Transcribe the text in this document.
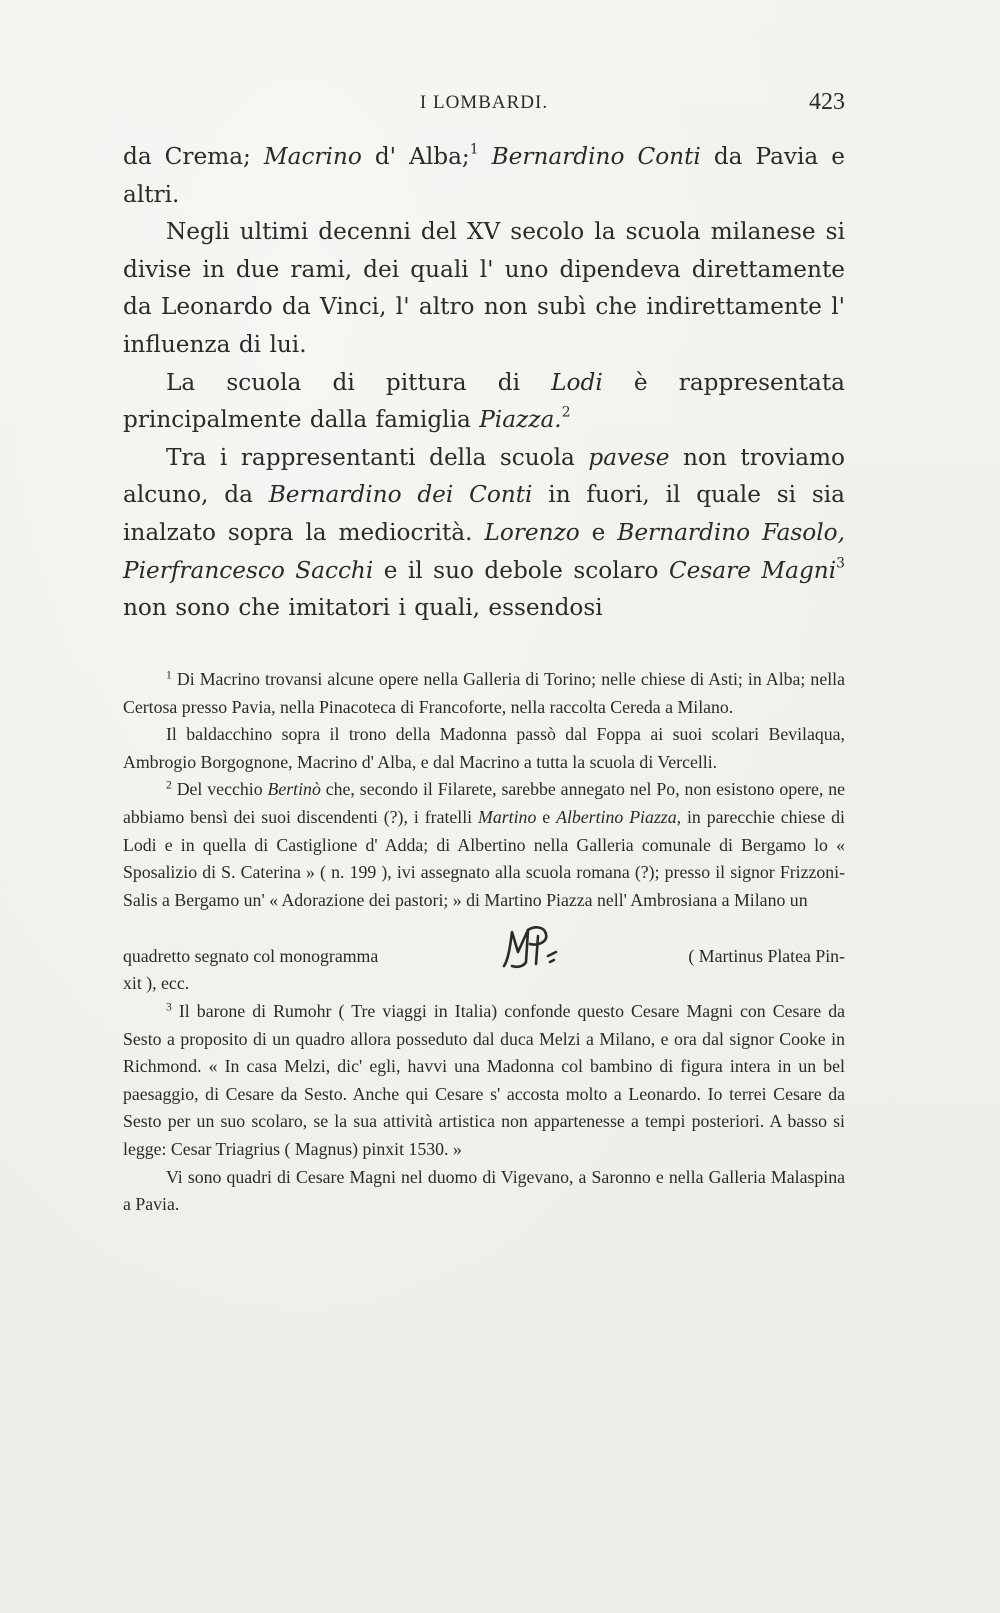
I LOMBARDI.	423

da Crema; Macrino d' Alba;$^1$ Bernardino Conti da Pavia e altri.

Negli ultimi decenni del XV secolo la scuola milanese si divise in due rami, dei quali l' uno dipendeva direttamente da Leonardo da Vinci, l' altro non subì che indirettamente l' influenza di lui.

La scuola di pittura di Lodi è rappresentata principalmente dalla famiglia Piazza.$^2$

Tra i rappresentanti della scuola pavese non troviamo alcuno, da Bernardino dei Conti in fuori, il quale si sia inalzato sopra la mediocrità. Lorenzo e Bernardino Fasolo, Pierfrancesco Sacchi e il suo debole scolaro Cesare Magni$^3$ non sono che imitatori i quali, essendosi

$^1$ Di Macrino trovansi alcune opere nella Galleria di Torino; nelle chiese di Asti; in Alba; nella Certosa presso Pavia, nella Pinacoteca di Francoforte, nella raccolta Cereda a Milano.

Il baldacchino sopra il trono della Madonna passò dal Foppa ai suoi scolari Bevilaqua, Ambrogio Borgognone, Macrino d' Alba, e dal Macrino a tutta la scuola di Vercelli.

$^2$ Del vecchio Bertinò che, secondo il Filarete, sarebbe annegato nel Po, non esistono opere, ne abbiamo bensì dei suoi discendenti (?), i fratelli Martino e Albertino Piazza, in parecchie chiese di Lodi e in quella di Castiglione d' Adda; di Albertino nella Galleria comunale di Bergamo lo « Sposalizio di S. Caterina » ( n. 199 ), ivi assegnato alla scuola romana (?); presso il signor Frizzoni-Salis a Bergamo un' « Adorazione dei pastori; » di Martino Piazza nell' Ambrosiana a Milano un

quadretto segnato col monogramma	( Martinus Platea Pin-

xit ), ecc.

$^3$ Il barone di Rumohr ( Tre viaggi in Italia) confonde questo Cesare Magni con Cesare da Sesto a proposito di un quadro allora posseduto dal duca Melzi a Milano, e ora dal signor Cooke in Richmond. « In casa Melzi, dic' egli, havvi una Madonna col bambino di figura intera in un bel paesaggio, di Cesare da Sesto. Anche qui Cesare s' accosta molto a Leonardo. Io terrei Cesare da Sesto per un suo scolaro, se la sua attività artistica non appartenesse a tempi posteriori. A basso si legge: Cesar Triagrius ( Magnus) pinxit 1530. »

Vi sono quadri di Cesare Magni nel duomo di Vigevano, a Saronno e nella Galleria Malaspina a Pavia.
